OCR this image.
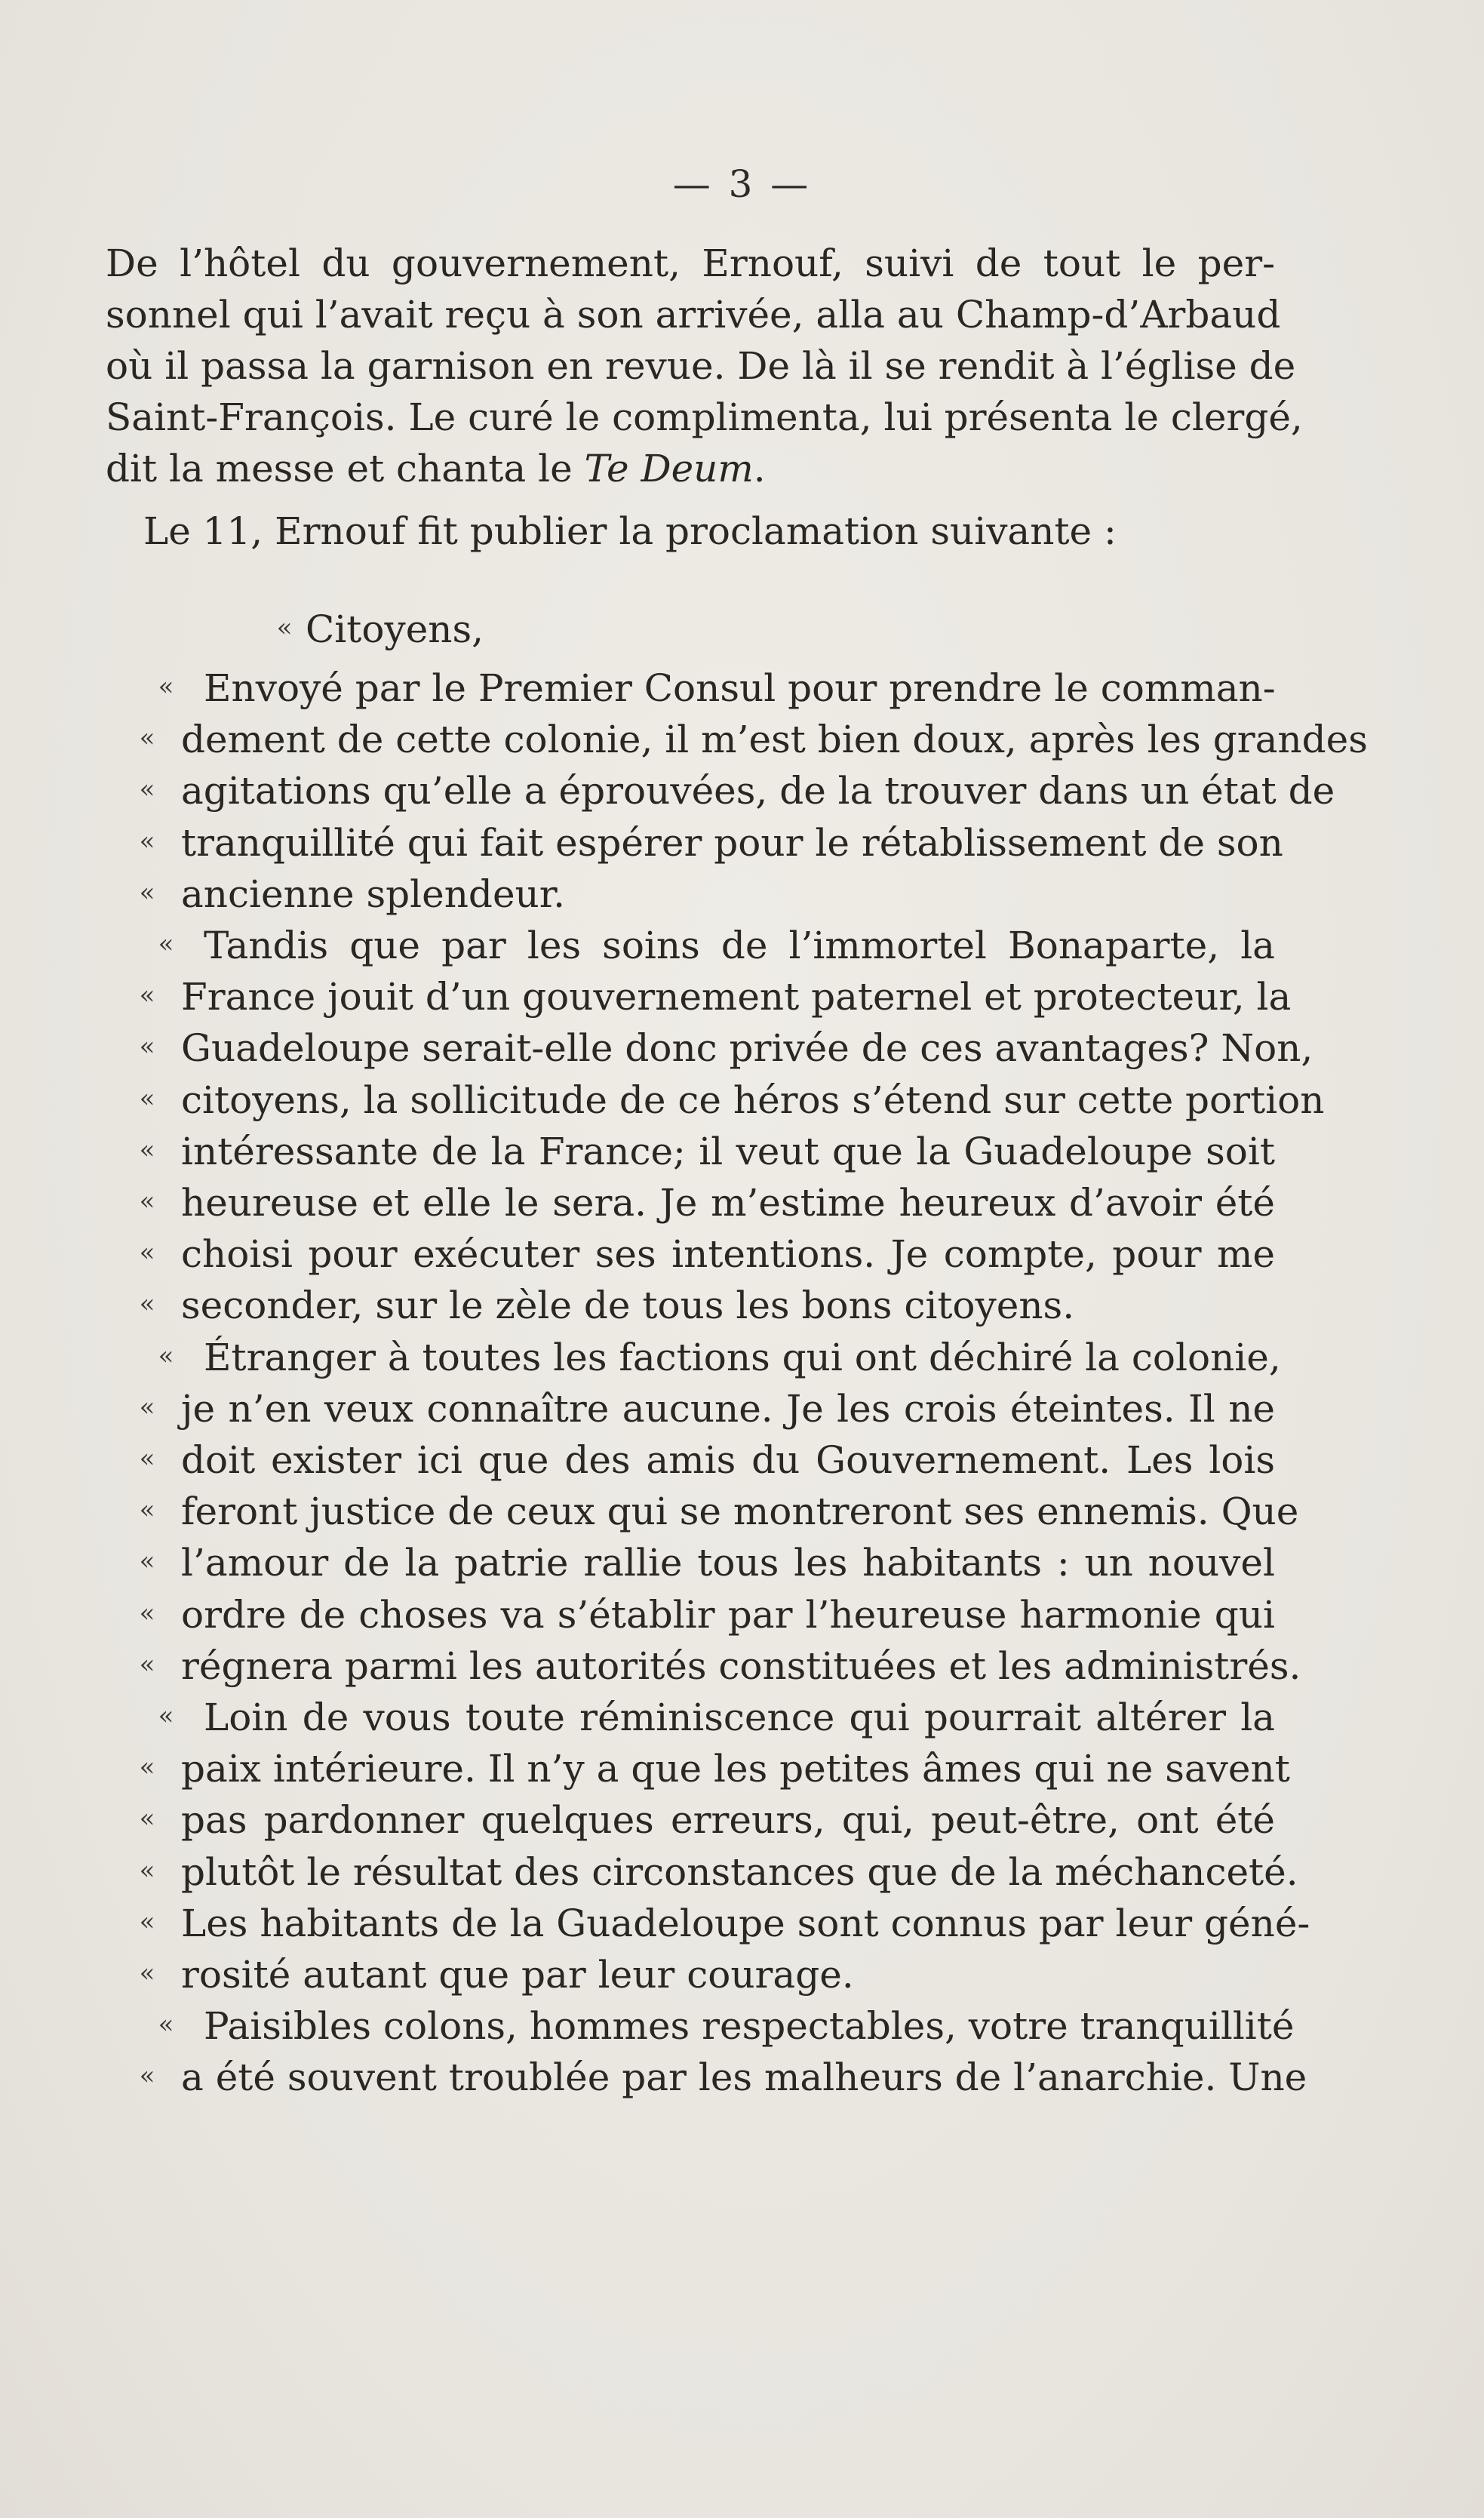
— 3 —
De l’hôtel du gouvernement, Ernouf, suivi de tout le per-
sonnel qui l’avait reçu à son arrivée, alla au Champ-d’Arbaud
où il passa la garnison en revue. De là il se rendit à l’église de
Saint-François. Le curé le complimenta, lui présenta le clergé,
dit la messe et chanta le Te Deum.
Le 11, Ernouf fit publier la proclamation suivante :
« Citoyens,
« Envoyé par le Premier Consul pour prendre le comman-
« dement de cette colonie, il m’est bien doux, après les grandes
« agitations qu’elle a éprouvées, de la trouver dans un état de
« tranquillité qui fait espérer pour le rétablissement de son
« ancienne splendeur.
« Tandis que par les soins de l’immortel Bonaparte, la
« France jouit d’un gouvernement paternel et protecteur, la
« Guadeloupe serait-elle donc privée de ces avantages? Non,
« citoyens, la sollicitude de ce héros s’étend sur cette portion
« intéressante de la France; il veut que la Guadeloupe soit
« heureuse et elle le sera. Je m’estime heureux d’avoir été
« choisi pour exécuter ses intentions. Je compte, pour me
« seconder, sur le zèle de tous les bons citoyens.
« Étranger à toutes les factions qui ont déchiré la colonie,
« je n’en veux connaître aucune. Je les crois éteintes. Il ne
« doit exister ici que des amis du Gouvernement. Les lois
« feront justice de ceux qui se montreront ses ennemis. Que
« l’amour de la patrie rallie tous les habitants : un nouvel
« ordre de choses va s’établir par l’heureuse harmonie qui
« régnera parmi les autorités constituées et les administrés.
« Loin de vous toute réminiscence qui pourrait altérer la
« paix intérieure. Il n’y a que les petites âmes qui ne savent
« pas pardonner quelques erreurs, qui, peut-être, ont été
« plutôt le résultat des circonstances que de la méchanceté.
« Les habitants de la Guadeloupe sont connus par leur géné-
« rosité autant que par leur courage.
« Paisibles colons, hommes respectables, votre tranquillité
« a été souvent troublée par les malheurs de l’anarchie. Une
